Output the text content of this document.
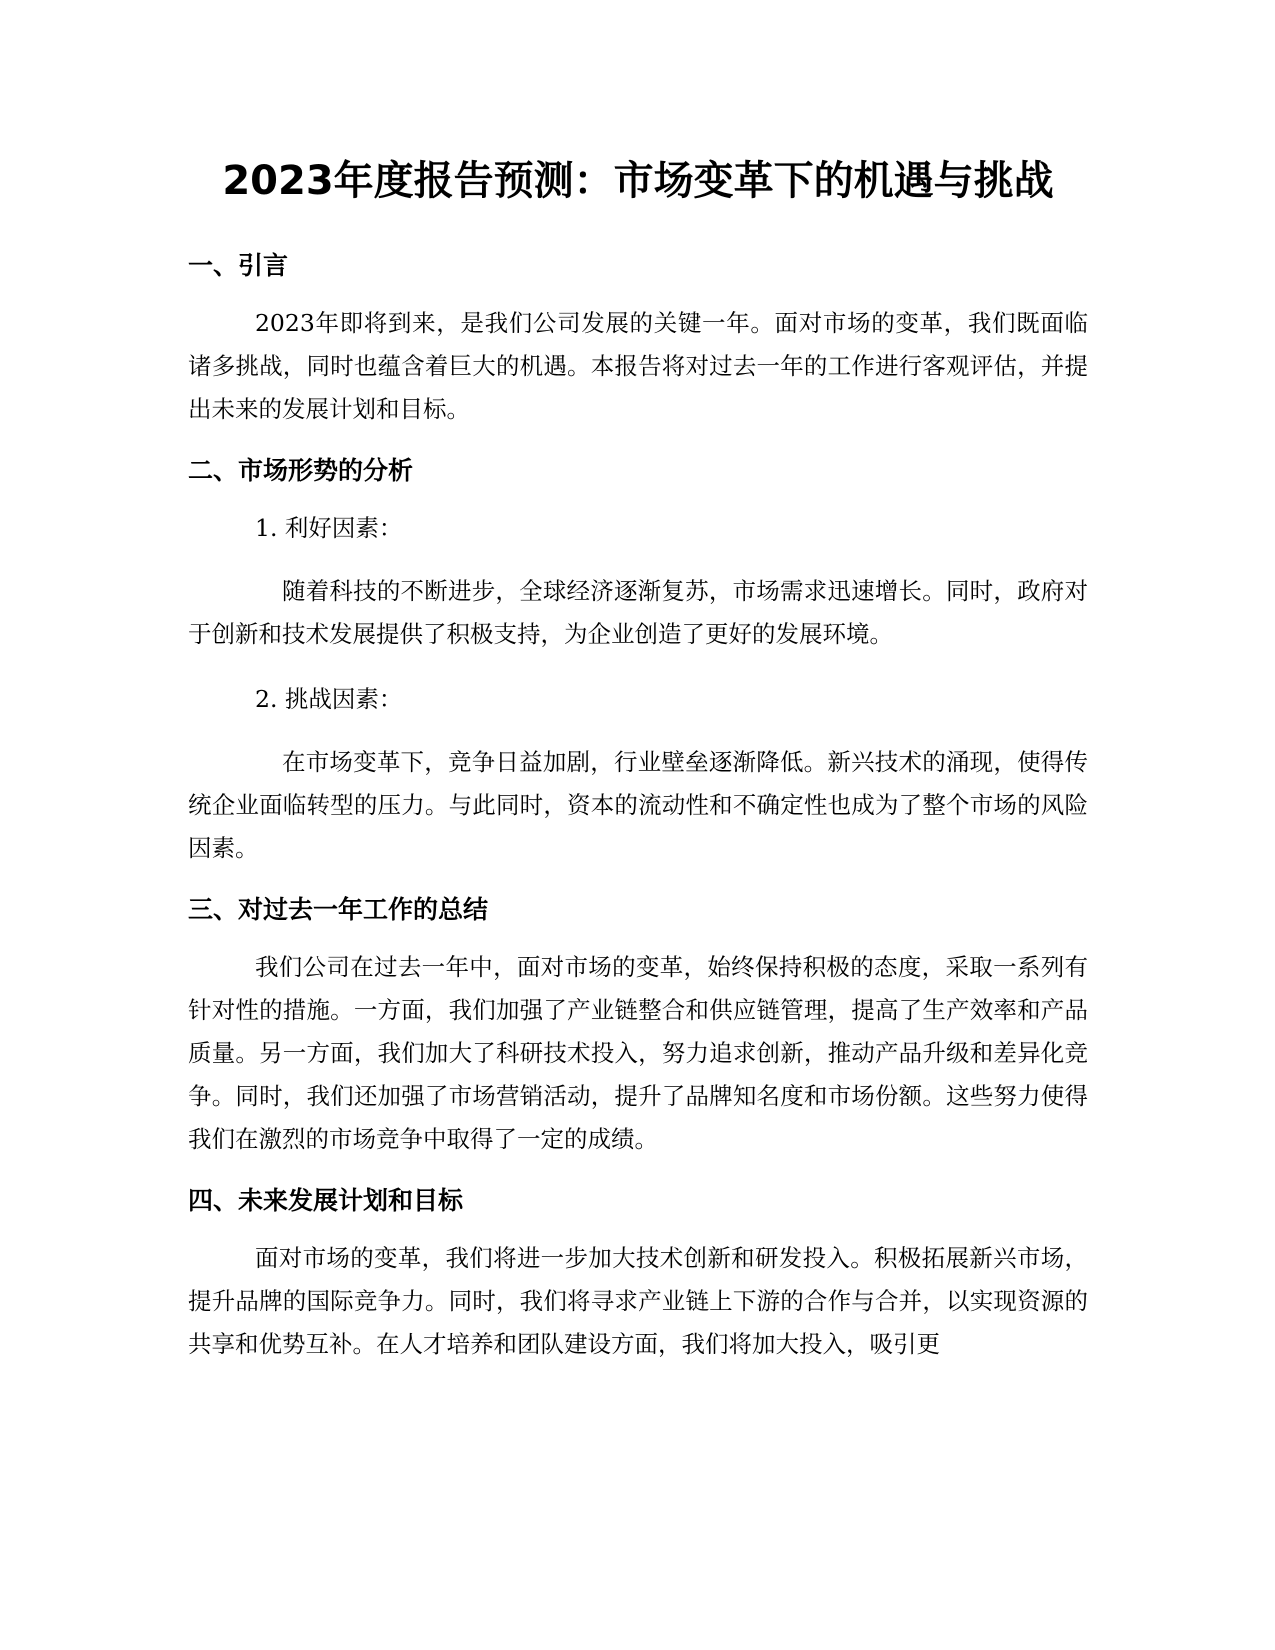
2023年度报告预测：市场变革下的机遇与挑战
一、引言

2023年即将到来，是我们公司发展的关键一年。面对市场的变革，我们既面临诸多挑战，同时也蕴含着巨大的机遇。本报告将对过去一年的工作进行客观评估，并提出未来的发展计划和目标。

二、市场形势的分析
1. 利好因素：

随着科技的不断进步，全球经济逐渐复苏，市场需求迅速增长。同时，政府对于创新和技术发展提供了积极支持，为企业创造了更好的发展环境。

2. 挑战因素：

在市场变革下，竞争日益加剧，行业壁垒逐渐降低。新兴技术的涌现，使得传统企业面临转型的压力。与此同时，资本的流动性和不确定性也成为了整个市场的风险因素。

三、对过去一年工作的总结

我们公司在过去一年中，面对市场的变革，始终保持积极的态度，采取一系列有针对性的措施。一方面，我们加强了产业链整合和供应链管理，提高了生产效率和产品质量。另一方面，我们加大了科研技术投入，努力追求创新，推动产品升级和差异化竞争。同时，我们还加强了市场营销活动，提升了品牌知名度和市场份额。这些努力使得我们在激烈的市场竞争中取得了一定的成绩。

四、未来发展计划和目标

面对市场的变革，我们将进一步加大技术创新和研发投入。积极拓展新兴市场，提升品牌的国际竞争力。同时，我们将寻求产业链上下游的合作与合并，以实现资源的共享和优势互补。在人才培养和团队建设方面，我们将加大投入，吸引更
